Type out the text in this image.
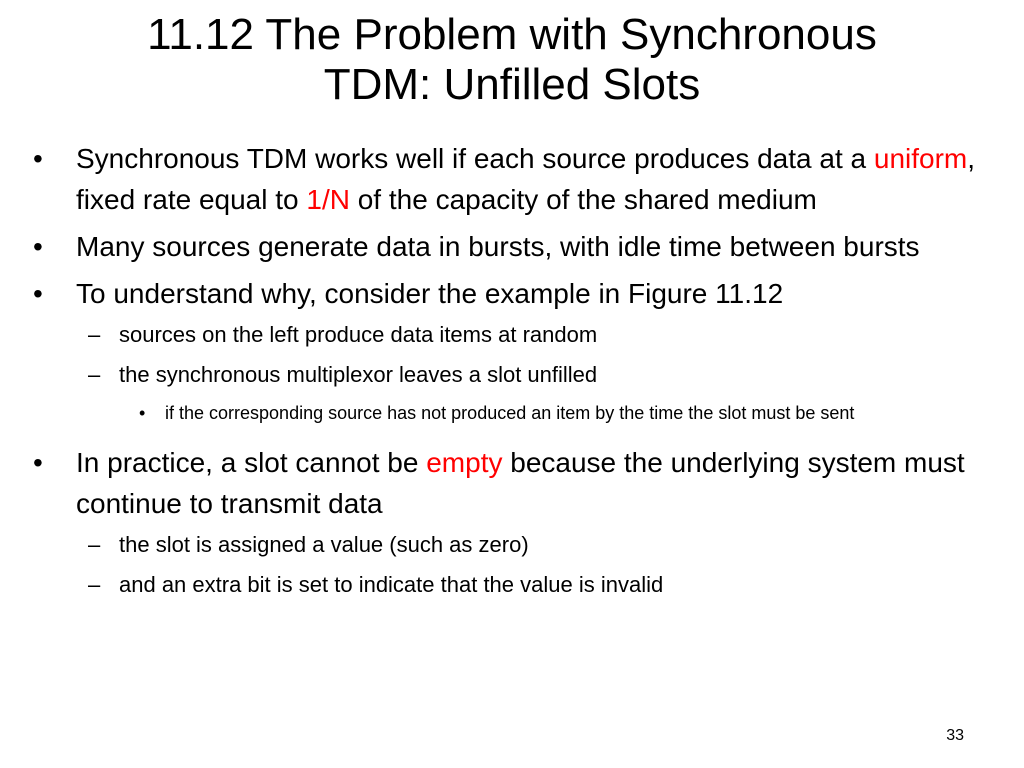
11.12 The Problem with Synchronous
TDM: Unfilled Slots
• Synchronous TDM works well if each source produces data at a uniform, fixed rate equal to 1/N of the capacity of the shared medium
• Many sources generate data in bursts, with idle time between bursts
• To understand why, consider the example in Figure 11.12
– sources on the left produce data items at random
– the synchronous multiplexor leaves a slot unfilled
• if the corresponding source has not produced an item by the time the slot must be sent
• In practice, a slot cannot be empty because the underlying system must continue to transmit data
– the slot is assigned a value (such as zero)
– and an extra bit is set to indicate that the value is invalid
33
